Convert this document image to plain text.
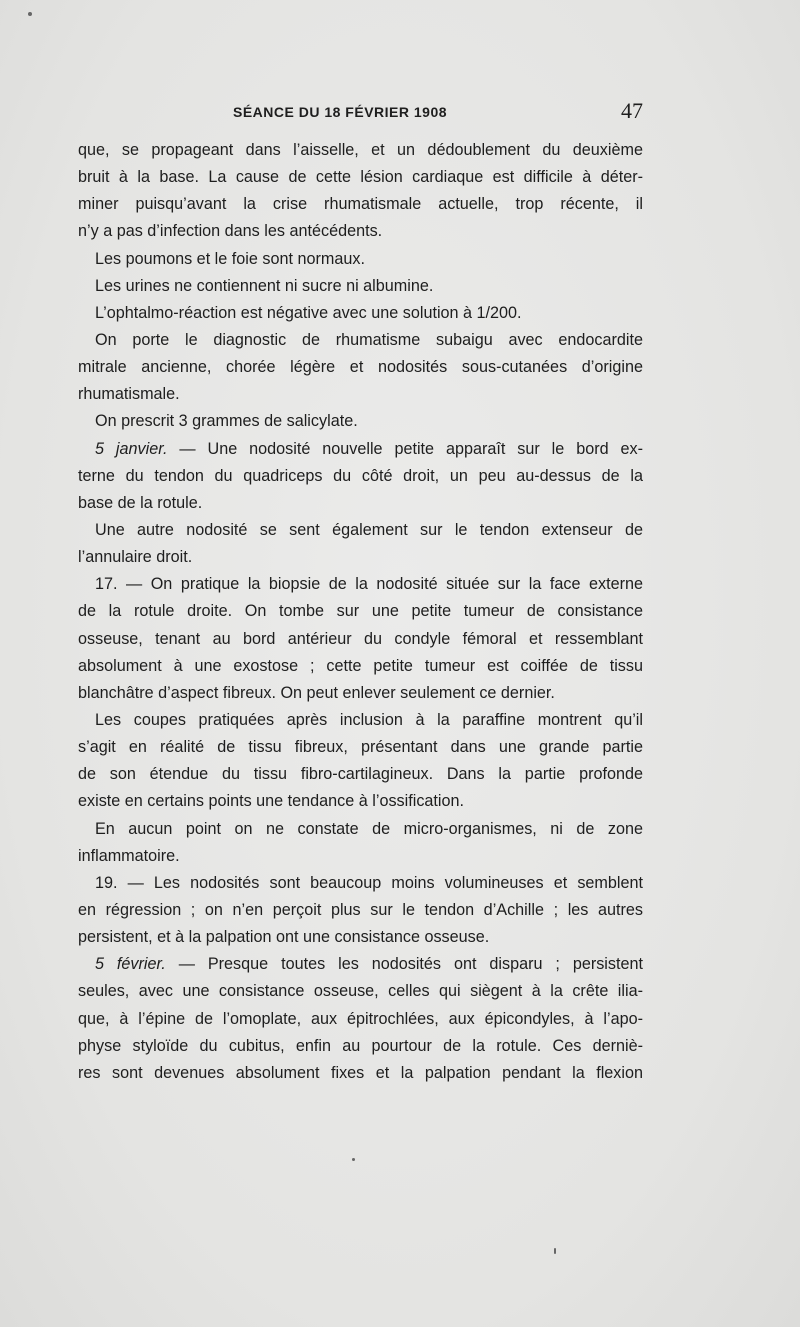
SÉANCE DU 18 FÉVRIER 1908	47
que, se propageant dans l’aisselle, et un dédoublement du deuxième
bruit à la base. La cause de cette lésion cardiaque est difficile à déter-
miner puisqu’avant la crise rhumatismale actuelle, trop récente, il
n’y a pas d’infection dans les antécédents.
Les poumons et le foie sont normaux.
Les urines ne contiennent ni sucre ni albumine.
L’ophtalmo-réaction est négative avec une solution à 1/200.
On porte le diagnostic de rhumatisme subaigu avec endocardite
mitrale ancienne, chorée légère et nodosités sous-cutanées d’origine
rhumatismale.
On prescrit 3 grammes de salicylate.
5 janvier. — Une nodosité nouvelle petite apparaît sur le bord ex-
terne du tendon du quadriceps du côté droit, un peu au-dessus de la
base de la rotule.
Une autre nodosité se sent également sur le tendon extenseur de
l’annulaire droit.
17. — On pratique la biopsie de la nodosité située sur la face externe
de la rotule droite. On tombe sur une petite tumeur de consistance
osseuse, tenant au bord antérieur du condyle fémoral et ressemblant
absolument à une exostose ; cette petite tumeur est coiffée de tissu
blanchâtre d’aspect fibreux. On peut enlever seulement ce dernier.
Les coupes pratiquées après inclusion à la paraffine montrent qu’il
s’agit en réalité de tissu fibreux, présentant dans une grande partie
de son étendue du tissu fibro-cartilagineux. Dans la partie profonde
existe en certains points une tendance à l’ossification.
En aucun point on ne constate de micro-organismes, ni de zone
inflammatoire.
19. — Les nodosités sont beaucoup moins volumineuses et semblent
en régression ; on n’en perçoit plus sur le tendon d’Achille ; les autres
persistent, et à la palpation ont une consistance osseuse.
5 février. — Presque toutes les nodosités ont disparu ; persistent
seules, avec une consistance osseuse, celles qui siègent à la crête ilia-
que, à l’épine de l’omoplate, aux épitrochlées, aux épicondyles, à l’apo-
physe styloïde du cubitus, enfin au pourtour de la rotule. Ces derniè-
res sont devenues absolument fixes et la palpation pendant la flexion
